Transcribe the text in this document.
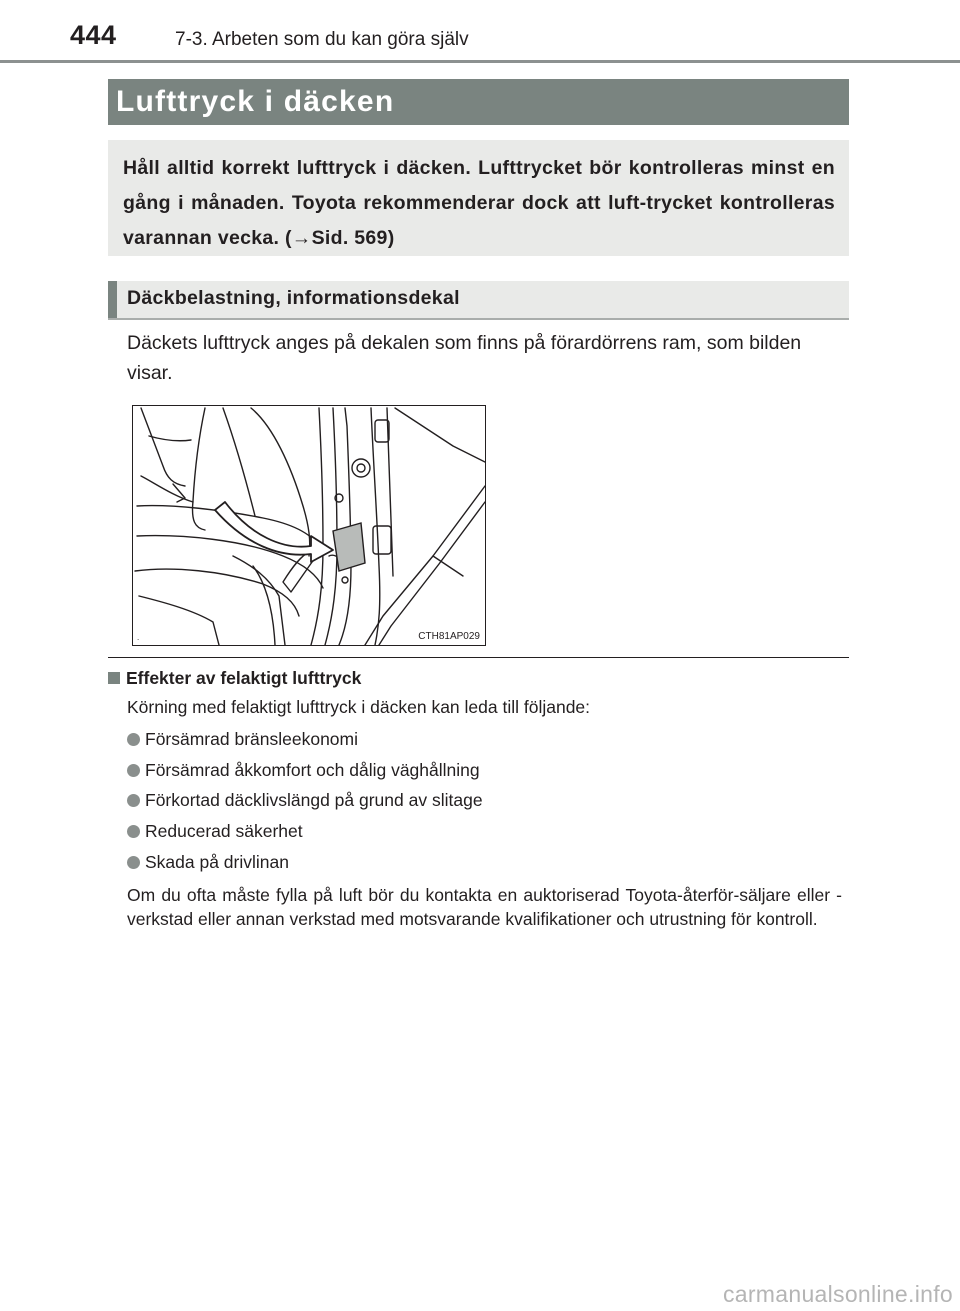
444	7-3. Arbeten som du kan göra själv
Lufttryck i däcken
Håll alltid korrekt lufttryck i däcken. Lufttrycket bör kontrolleras minst en gång i månaden. Toyota rekommenderar dock att luft-trycket kontrolleras varannan vecka. (→Sid. 569)
Däckbelastning, informationsdekal
Däckets lufttryck anges på dekalen som finns på förardörrens ram, som bilden visar.
.	CTH81AP029
Effekter av felaktigt lufttryck
Körning med felaktigt lufttryck i däcken kan leda till följande:
Försämrad bränsleekonomi
Försämrad åkkomfort och dålig väghållning
Förkortad däcklivslängd på grund av slitage
Reducerad säkerhet
Skada på drivlinan
Om du ofta måste fylla på luft bör du kontakta en auktoriserad Toyota-återför-säljare eller -verkstad eller annan verkstad med motsvarande kvalifikationer och utrustning för kontroll.
carmanualsonline.info
